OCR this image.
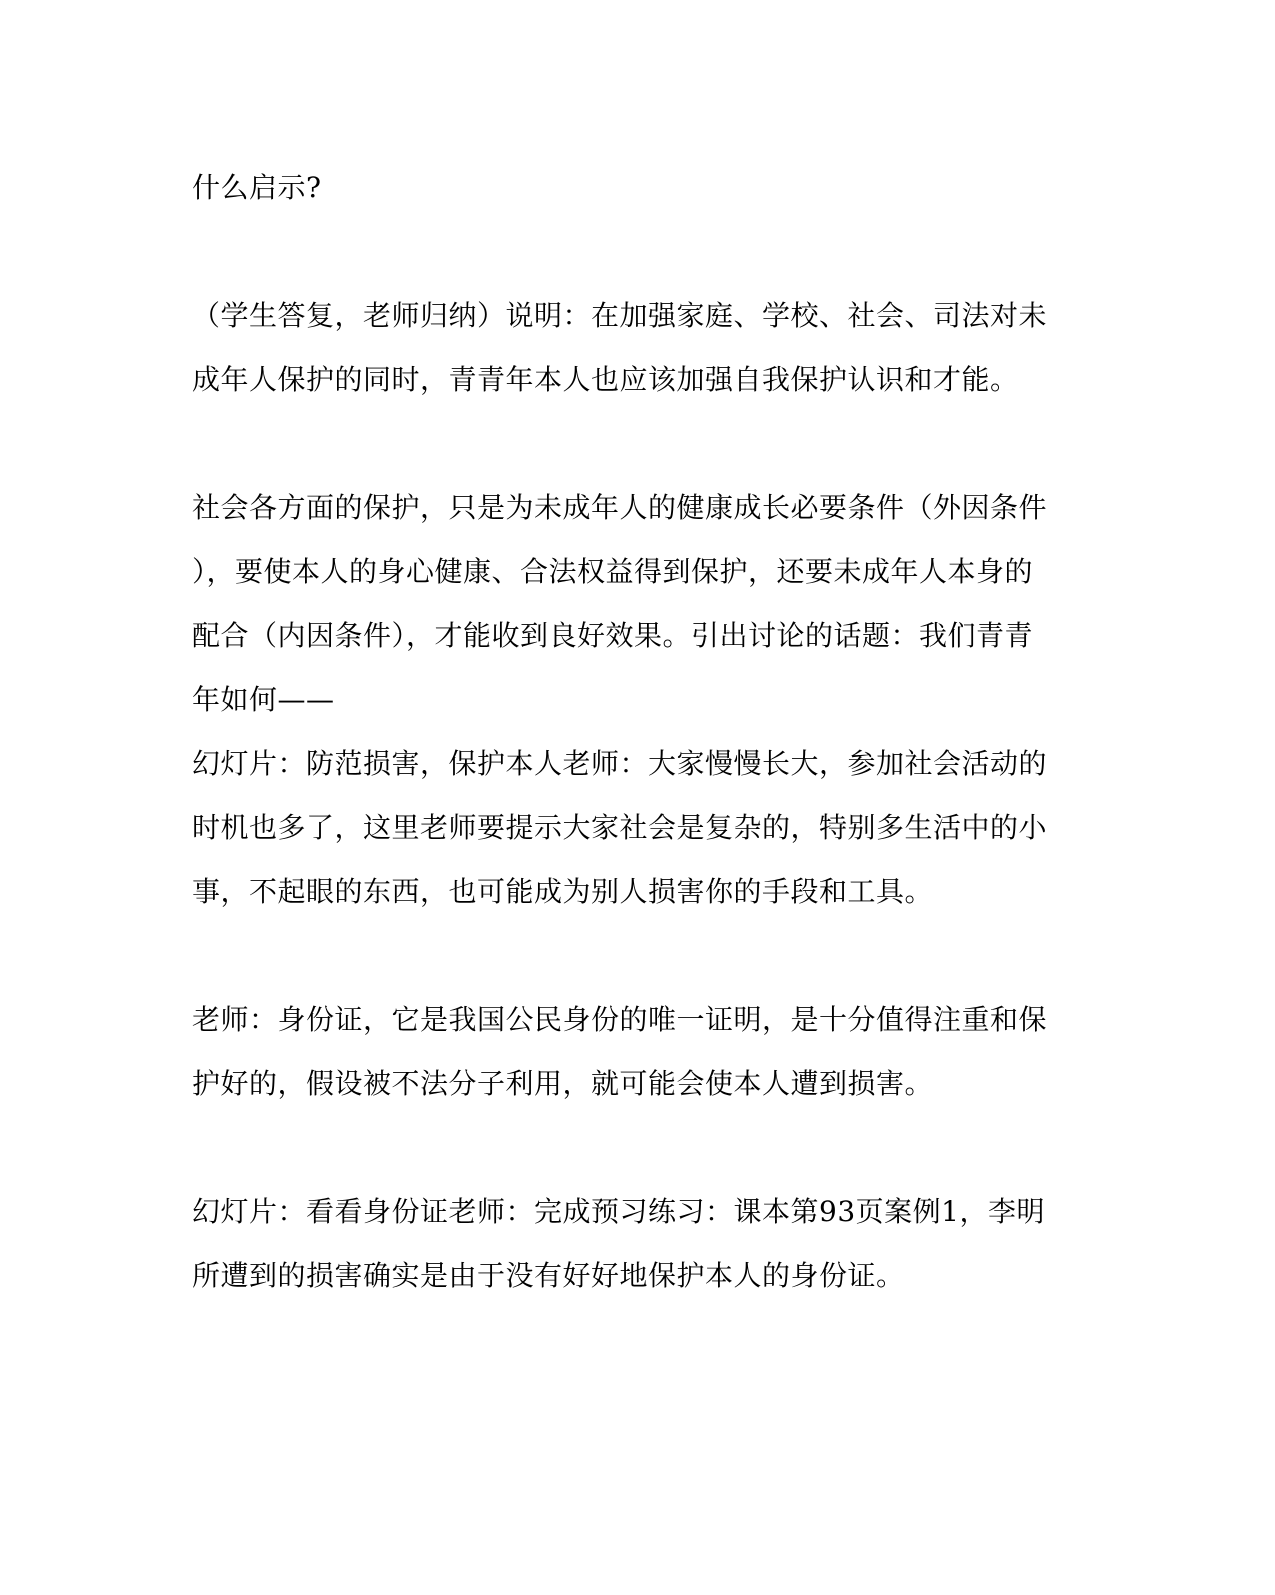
什么启示?
（学生答复，老师归纳）说明：在加强家庭、学校、社会、司法对未
成年人保护的同时，青青年本人也应该加强自我保护认识和才能。
社会各方面的保护，只是为未成年人的健康成长必要条件（外因条件
），要使本人的身心健康、合法权益得到保护，还要未成年人本身的
配合（内因条件），才能收到良好效果。引出讨论的话题：我们青青
年如何——
幻灯片：防范损害，保护本人老师：大家慢慢长大，参加社会活动的
时机也多了，这里老师要提示大家社会是复杂的，特别多生活中的小
事，不起眼的东西，也可能成为别人损害你的手段和工具。
老师：身份证，它是我国公民身份的唯一证明，是十分值得注重和保
护好的，假设被不法分子利用，就可能会使本人遭到损害。
幻灯片：看看身份证老师：完成预习练习：课本第93页案例1，李明
所遭到的损害确实是由于没有好好地保护本人的身份证。
